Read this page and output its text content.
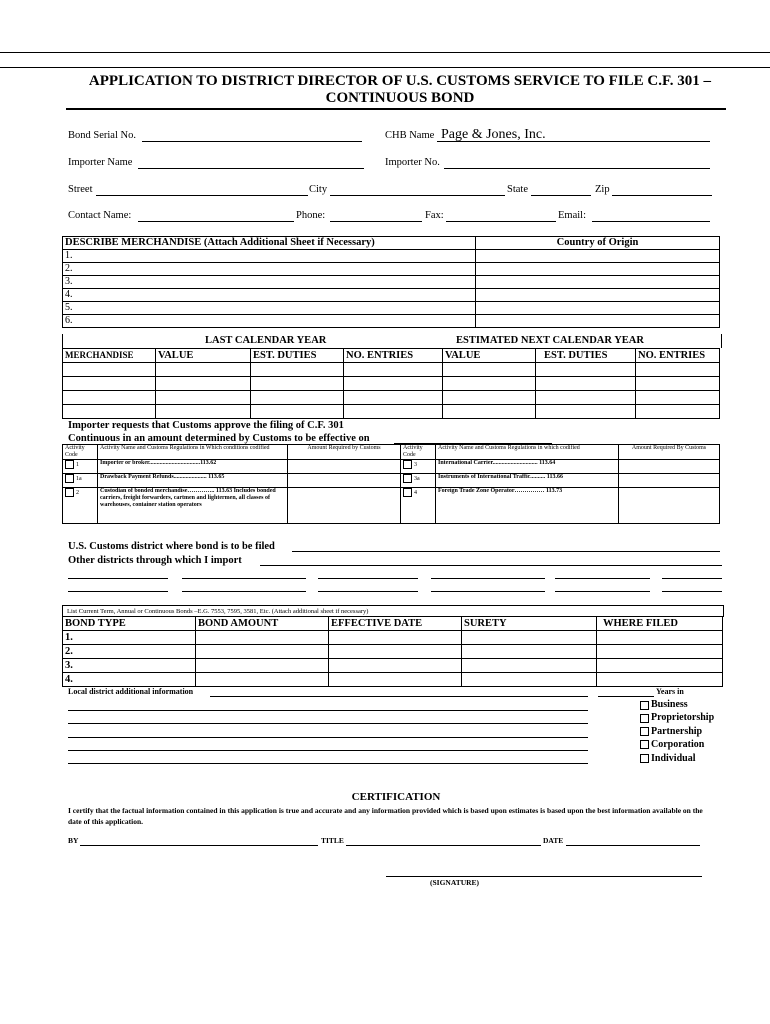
APPLICATION TO DISTRICT DIRECTOR OF U.S. CUSTOMS SERVICE TO FILE C.F. 301 –
CONTINUOUS BOND
Bond Serial No.	CHB Name Page & Jones, Inc.
Importer Name	Importer No.
Street	City	State	Zip
Contact Name:	Phone:	Fax:	Email:
DESCRIBE MERCHANDISE (Attach Additional Sheet if Necessary)	Country of Origin
1.	
2.	
3.	
4.	
5.	
6.	
LAST CALENDAR YEAR	ESTIMATED NEXT CALENDAR YEAR
MERCHANDISE	VALUE	EST. DUTIES	NO. ENTRIES	VALUE	EST. DUTIES	NO. ENTRIES

Importer requests that Customs approve the filing of C.F. 301
Continuous in an amount determined by Customs to be effective on
Activity Code	Activity Name and Customs Regulations in Which conditions codified	Amount Required by Customs	Activity Code	Activity Name and Customs Regulations in which codified	Amount Required By Customs
1	Importer or broker..................................113.62		3	International Carrier.............................. 113.64	
1a	Drawback Payment Refunds...................... 113.65		3a	Instruments of International Traffic.......... 113.66	
2	Custodian of bonded merchandise………….. 113.63 Includes bonded carriers, freight forwarders, cartmen and lightermen, all classes of warehouses, container station operators		4	Foreign Trade Zone Operator…………… 113.73	
U.S. Customs district where bond is to be filed
Other districts through which I import
List Current Term, Annual or Continuous Bonds –E.G. 7553, 7595, 3581, Etc. (Attach additional sheet if necessary)
BOND TYPE	BOND AMOUNT	EFFECTIVE DATE	SURETY	WHERE FILED
1.				
2.				
3.				
4.				
Local district additional information	Years in
Business
Proprietorship
Partnership
Corporation
Individual
CERTIFICATION
I certify that the factual information contained in this application is true and accurate and any information provided which is based upon estimates is based upon the best information available on the date of this application.
BY	TITLE	DATE
(SIGNATURE)
